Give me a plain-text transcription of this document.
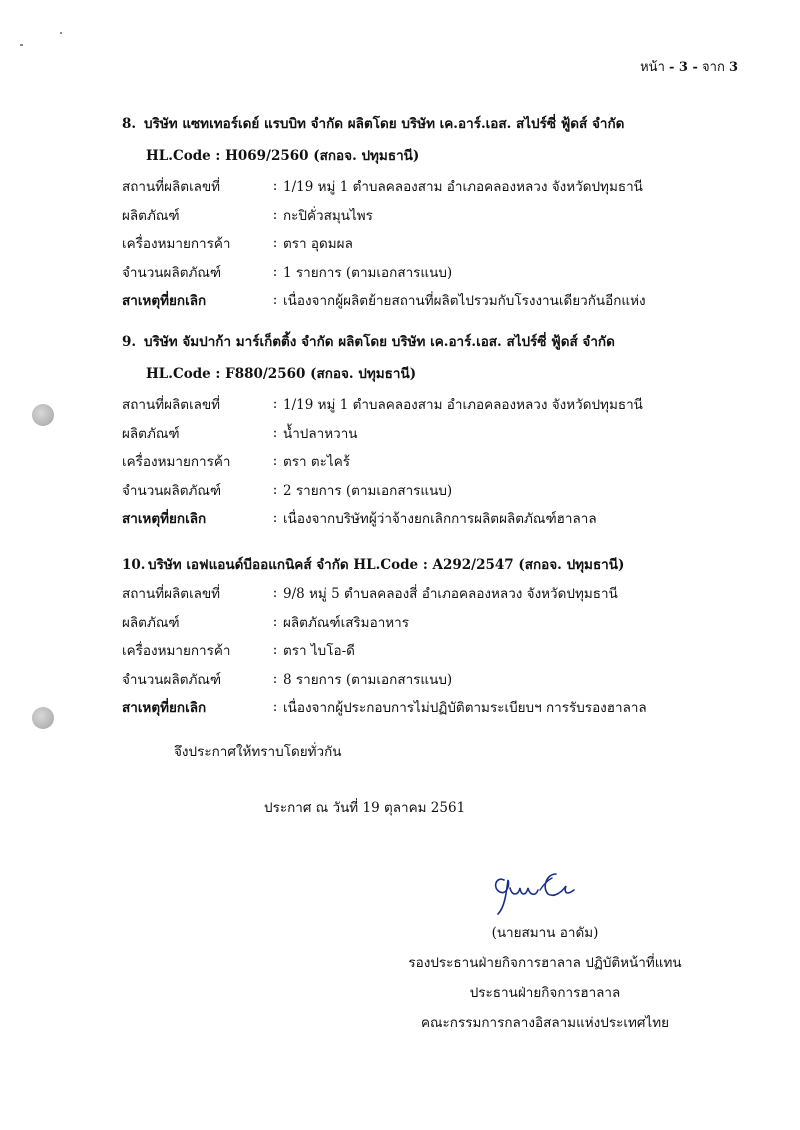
หน้า - 3 - จาก 3
8. บริษัท แซทเทอร์เดย์ แรบบิท จำกัด ผลิตโดย บริษัท เค.อาร์.เอส. สไปร์ซี่ ฟู้ดส์ จำกัด
HL.Code : H069/2560 (สกอจ. ปทุมธานี)
สถานที่ผลิตเลขที่	: 1/19 หมู่ 1 ตำบลคลองสาม อำเภอคลองหลวง จังหวัดปทุมธานี
ผลิตภัณฑ์	: กะปิคั่วสมุนไพร
เครื่องหมายการค้า	: ตรา อุดมผล
จำนวนผลิตภัณฑ์	: 1 รายการ (ตามเอกสารแนบ)
สาเหตุที่ยกเลิก	: เนื่องจากผู้ผลิตย้ายสถานที่ผลิตไปรวมกับโรงงานเดียวกันอีกแห่ง
9. บริษัท จัมปาก้า มาร์เก็ตติ้ง จำกัด ผลิตโดย บริษัท เค.อาร์.เอส. สไปร์ซี่ ฟู้ดส์ จำกัด
HL.Code : F880/2560 (สกอจ. ปทุมธานี)
สถานที่ผลิตเลขที่	: 1/19 หมู่ 1 ตำบลคลองสาม อำเภอคลองหลวง จังหวัดปทุมธานี
ผลิตภัณฑ์	: น้ำปลาหวาน
เครื่องหมายการค้า	: ตรา ตะไคร้
จำนวนผลิตภัณฑ์	: 2 รายการ (ตามเอกสารแนบ)
สาเหตุที่ยกเลิก	: เนื่องจากบริษัทผู้ว่าจ้างยกเลิกการผลิตผลิตภัณฑ์ฮาลาล
10. บริษัท เอฟแอนด์บีออแกนิคส์ จำกัด HL.Code : A292/2547 (สกอจ. ปทุมธานี)
สถานที่ผลิตเลขที่	: 9/8 หมู่ 5 ตำบลคลองสี่ อำเภอคลองหลวง จังหวัดปทุมธานี
ผลิตภัณฑ์	: ผลิตภัณฑ์เสริมอาหาร
เครื่องหมายการค้า	: ตรา ไบโอ-ดี
จำนวนผลิตภัณฑ์	: 8 รายการ (ตามเอกสารแนบ)
สาเหตุที่ยกเลิก	: เนื่องจากผู้ประกอบการไม่ปฏิบัติตามระเบียบฯ การรับรองฮาลาล
จึงประกาศให้ทราบโดยทั่วกัน
ประกาศ ณ วันที่ 19 ตุลาคม 2561
(นายสมาน อาดัม)
รองประธานฝ่ายกิจการฮาลาล ปฏิบัติหน้าที่แทน
ประธานฝ่ายกิจการฮาลาล
คณะกรรมการกลางอิสลามแห่งประเทศไทย
